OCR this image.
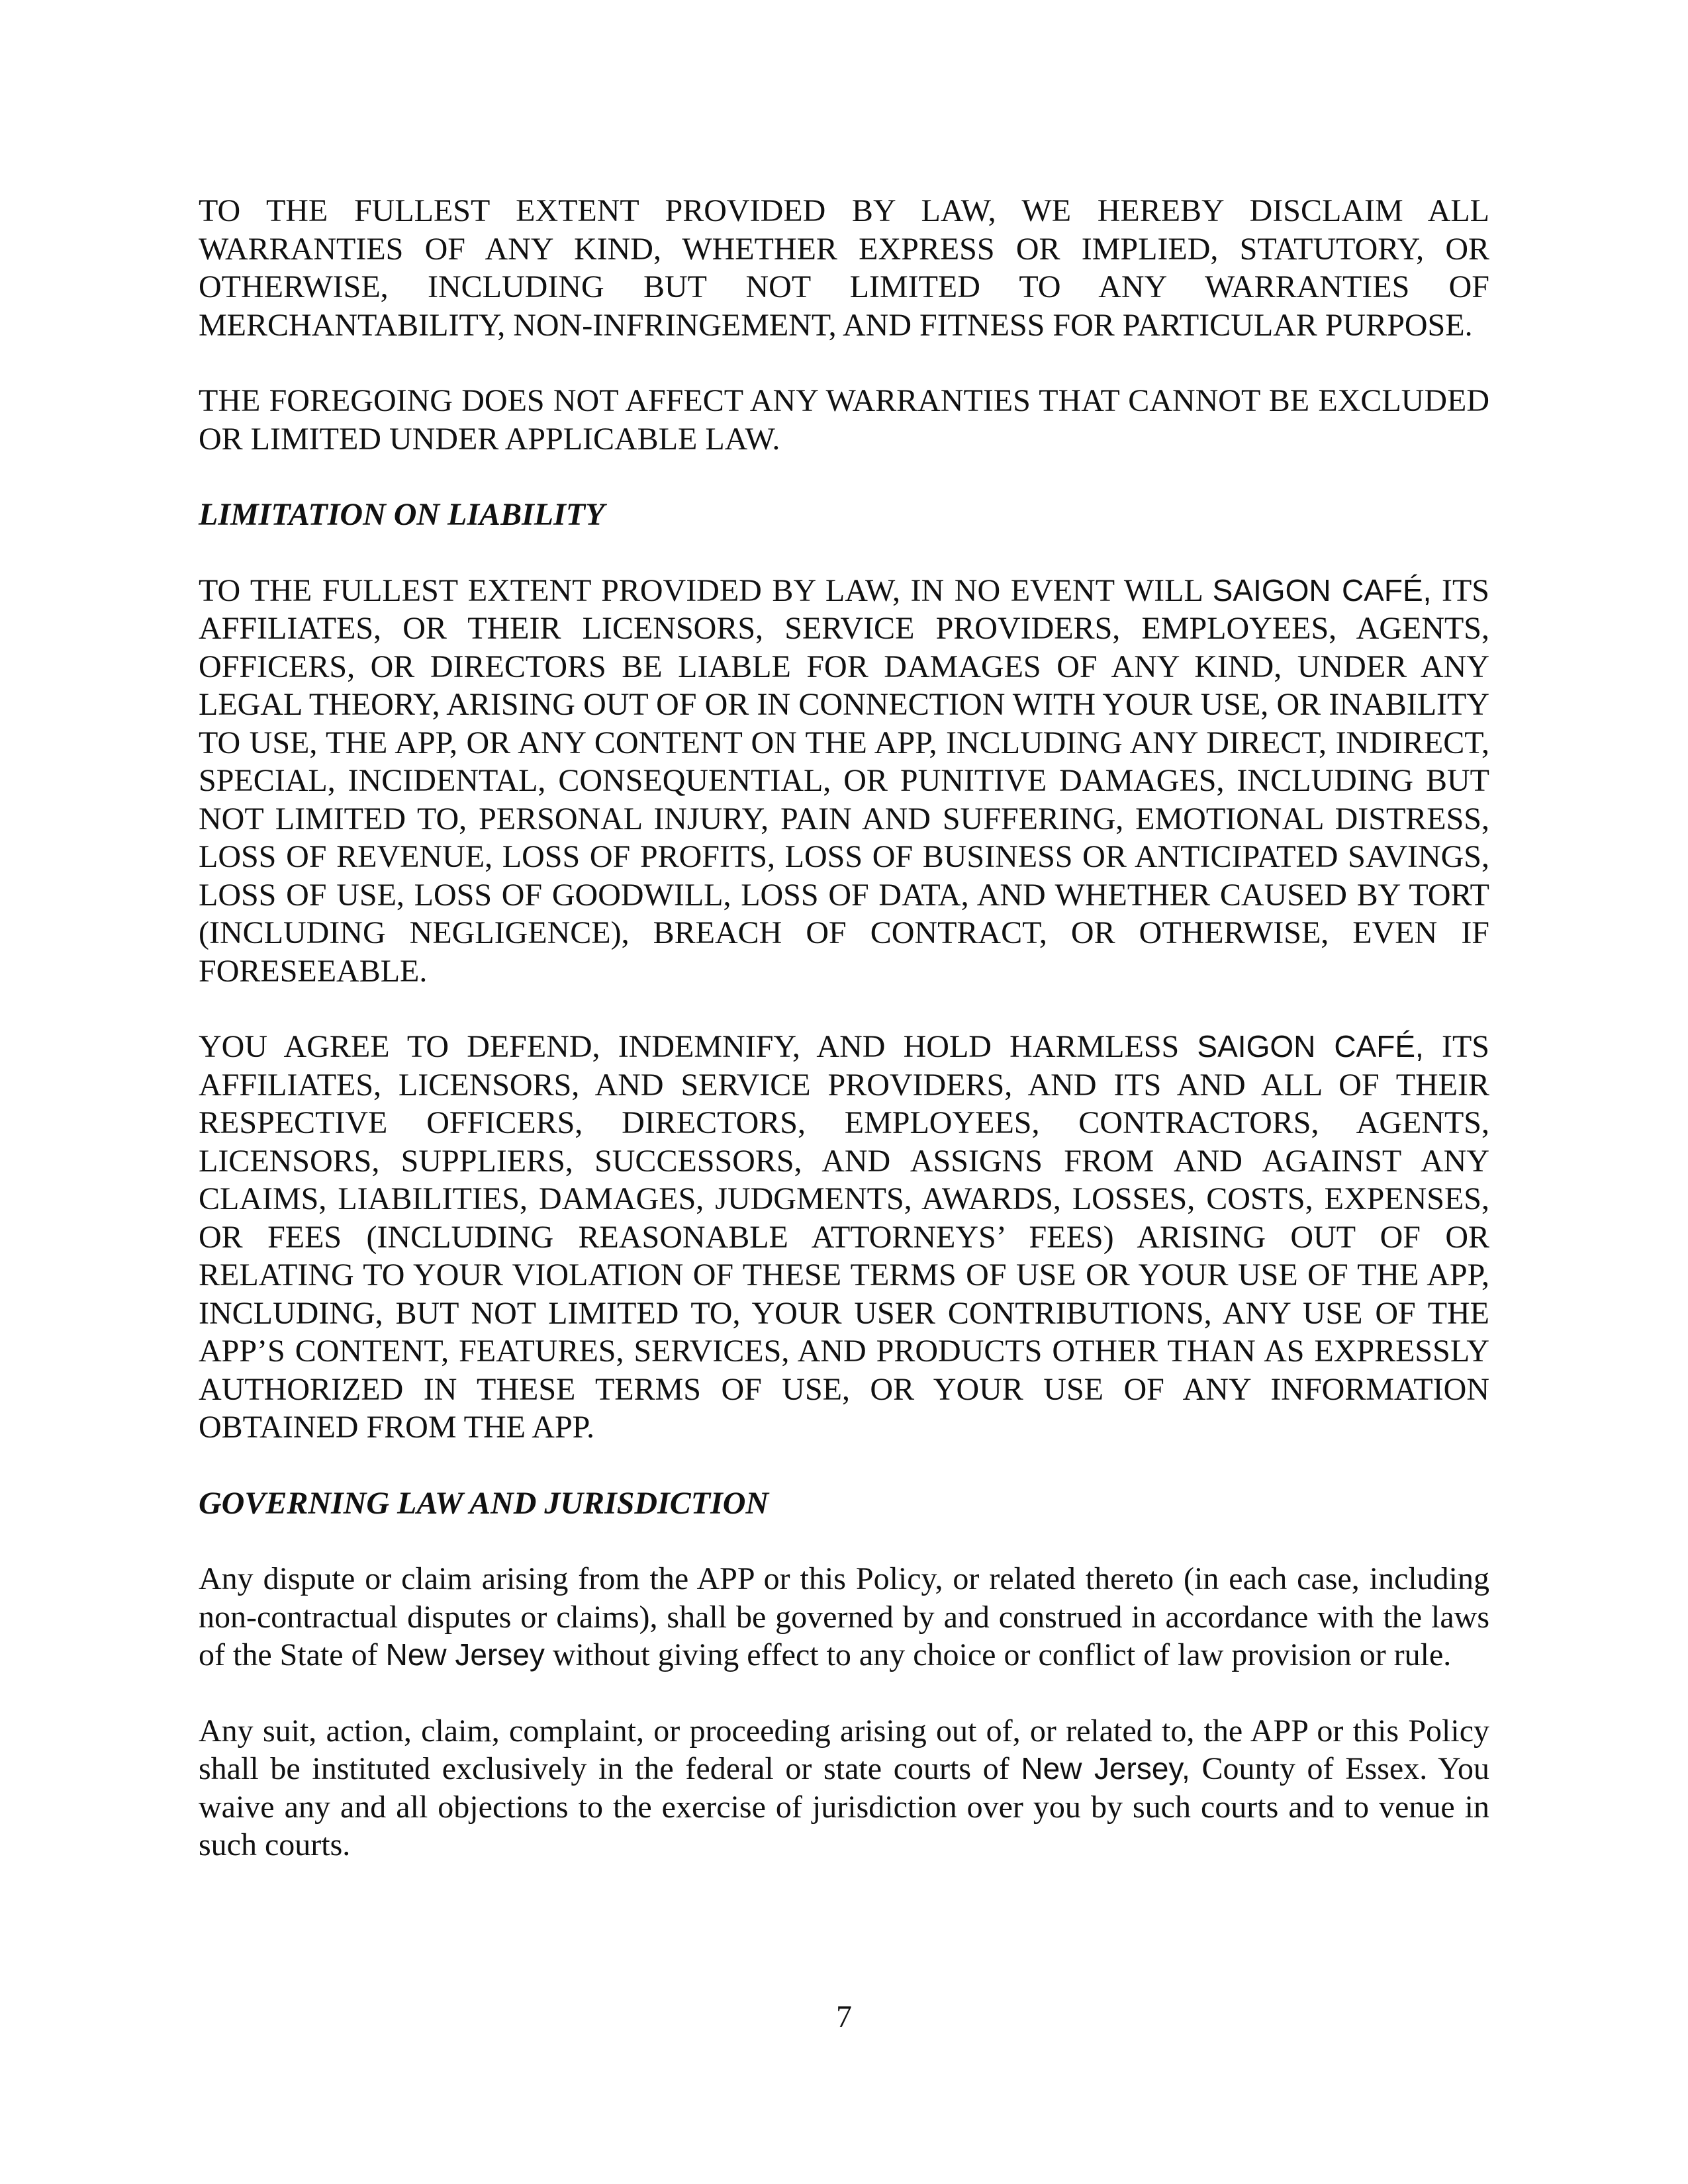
TO THE FULLEST EXTENT PROVIDED BY LAW, WE HEREBY DISCLAIM ALL WARRANTIES OF ANY KIND, WHETHER EXPRESS OR IMPLIED, STATUTORY, OR OTHERWISE, INCLUDING BUT NOT LIMITED TO ANY WARRANTIES OF MERCHANTABILITY, NON-INFRINGEMENT, AND FITNESS FOR PARTICULAR PURPOSE.

THE FOREGOING DOES NOT AFFECT ANY WARRANTIES THAT CANNOT BE EXCLUDED OR LIMITED UNDER APPLICABLE LAW.

LIMITATION ON LIABILITY

TO THE FULLEST EXTENT PROVIDED BY LAW, IN NO EVENT WILL SAIGON CAFÉ, ITS AFFILIATES, OR THEIR LICENSORS, SERVICE PROVIDERS, EMPLOYEES, AGENTS, OFFICERS, OR DIRECTORS BE LIABLE FOR DAMAGES OF ANY KIND, UNDER ANY LEGAL THEORY, ARISING OUT OF OR IN CONNECTION WITH YOUR USE, OR INABILITY TO USE, THE APP, OR ANY CONTENT ON THE APP, INCLUDING ANY DIRECT, INDIRECT, SPECIAL, INCIDENTAL, CONSEQUENTIAL, OR PUNITIVE DAMAGES, INCLUDING BUT NOT LIMITED TO, PERSONAL INJURY, PAIN AND SUFFERING, EMOTIONAL DISTRESS, LOSS OF REVENUE, LOSS OF PROFITS, LOSS OF BUSINESS OR ANTICIPATED SAVINGS, LOSS OF USE, LOSS OF GOODWILL, LOSS OF DATA, AND WHETHER CAUSED BY TORT (INCLUDING NEGLIGENCE), BREACH OF CONTRACT, OR OTHERWISE, EVEN IF FORESEEABLE.

YOU AGREE TO DEFEND, INDEMNIFY, AND HOLD HARMLESS SAIGON CAFÉ, ITS AFFILIATES, LICENSORS, AND SERVICE PROVIDERS, AND ITS AND ALL OF THEIR RESPECTIVE OFFICERS, DIRECTORS, EMPLOYEES, CONTRACTORS, AGENTS, LICENSORS, SUPPLIERS, SUCCESSORS, AND ASSIGNS FROM AND AGAINST ANY CLAIMS, LIABILITIES, DAMAGES, JUDGMENTS, AWARDS, LOSSES, COSTS, EXPENSES, OR FEES (INCLUDING REASONABLE ATTORNEYS’ FEES) ARISING OUT OF OR RELATING TO YOUR VIOLATION OF THESE TERMS OF USE OR YOUR USE OF THE APP, INCLUDING, BUT NOT LIMITED TO, YOUR USER CONTRIBUTIONS, ANY USE OF THE APP’S CONTENT, FEATURES, SERVICES, AND PRODUCTS OTHER THAN AS EXPRESSLY AUTHORIZED IN THESE TERMS OF USE, OR YOUR USE OF ANY INFORMATION OBTAINED FROM THE APP.

GOVERNING LAW AND JURISDICTION

Any dispute or claim arising from the APP or this Policy, or related thereto (in each case, including non-contractual disputes or claims), shall be governed by and construed in accordance with the laws of the State of New Jersey without giving effect to any choice or conflict of law provision or rule.

Any suit, action, claim, complaint, or proceeding arising out of, or related to, the APP or this Policy shall be instituted exclusively in the federal or state courts of New Jersey, County of Essex. You waive any and all objections to the exercise of jurisdiction over you by such courts and to venue in such courts.

7
